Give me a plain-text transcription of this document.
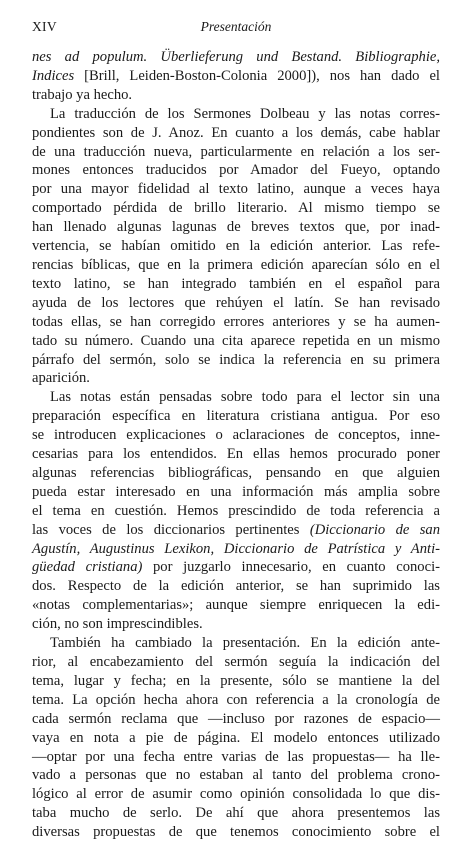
XIV	Presentación

nes ad populum. Überlieferung und Bestand. Bibliographie,
Indices [Brill, Leiden-Boston-Colonia 2000]), nos han dado el
trabajo ya hecho.

La traducción de los Sermones Dolbeau y las notas corres-
pondientes son de J. Anoz. En cuanto a los demás, cabe hablar
de una traducción nueva, particularmente en relación a los ser-
mones entonces traducidos por Amador del Fueyo, optando
por una mayor fidelidad al texto latino, aunque a veces haya
comportado pérdida de brillo literario. Al mismo tiempo se
han llenado algunas lagunas de breves textos que, por inad-
vertencia, se habían omitido en la edición anterior. Las refe-
rencias bíblicas, que en la primera edición aparecían sólo en el
texto latino, se han integrado también en el español para
ayuda de los lectores que rehúyen el latín. Se han revisado
todas ellas, se han corregido errores anteriores y se ha aumen-
tado su número. Cuando una cita aparece repetida en un mismo
párrafo del sermón, solo se indica la referencia en su primera
aparición.

Las notas están pensadas sobre todo para el lector sin una
preparación específica en literatura cristiana antigua. Por eso
se introducen explicaciones o aclaraciones de conceptos, inne-
cesarias para los entendidos. En ellas hemos procurado poner
algunas referencias bibliográficas, pensando en que alguien
pueda estar interesado en una información más amplia sobre
el tema en cuestión. Hemos prescindido de toda referencia a
las voces de los diccionarios pertinentes (Diccionario de san
Agustín, Augustinus Lexikon, Diccionario de Patrística y Anti-
güedad cristiana) por juzgarlo innecesario, en cuanto conoci-
dos. Respecto de la edición anterior, se han suprimido las
«notas complementarias»; aunque siempre enriquecen la edi-
ción, no son imprescindibles.

También ha cambiado la presentación. En la edición ante-
rior, al encabezamiento del sermón seguía la indicación del
tema, lugar y fecha; en la presente, sólo se mantiene la del
tema. La opción hecha ahora con referencia a la cronología de
cada sermón reclama que —incluso por razones de espacio—
vaya en nota a pie de página. El modelo entonces utilizado
—optar por una fecha entre varias de las propuestas— ha lle-
vado a personas que no estaban al tanto del problema crono-
lógico al error de asumir como opinión consolidada lo que dis-
taba mucho de serlo. De ahí que ahora presentemos las
diversas propuestas de que tenemos conocimiento sobre el
